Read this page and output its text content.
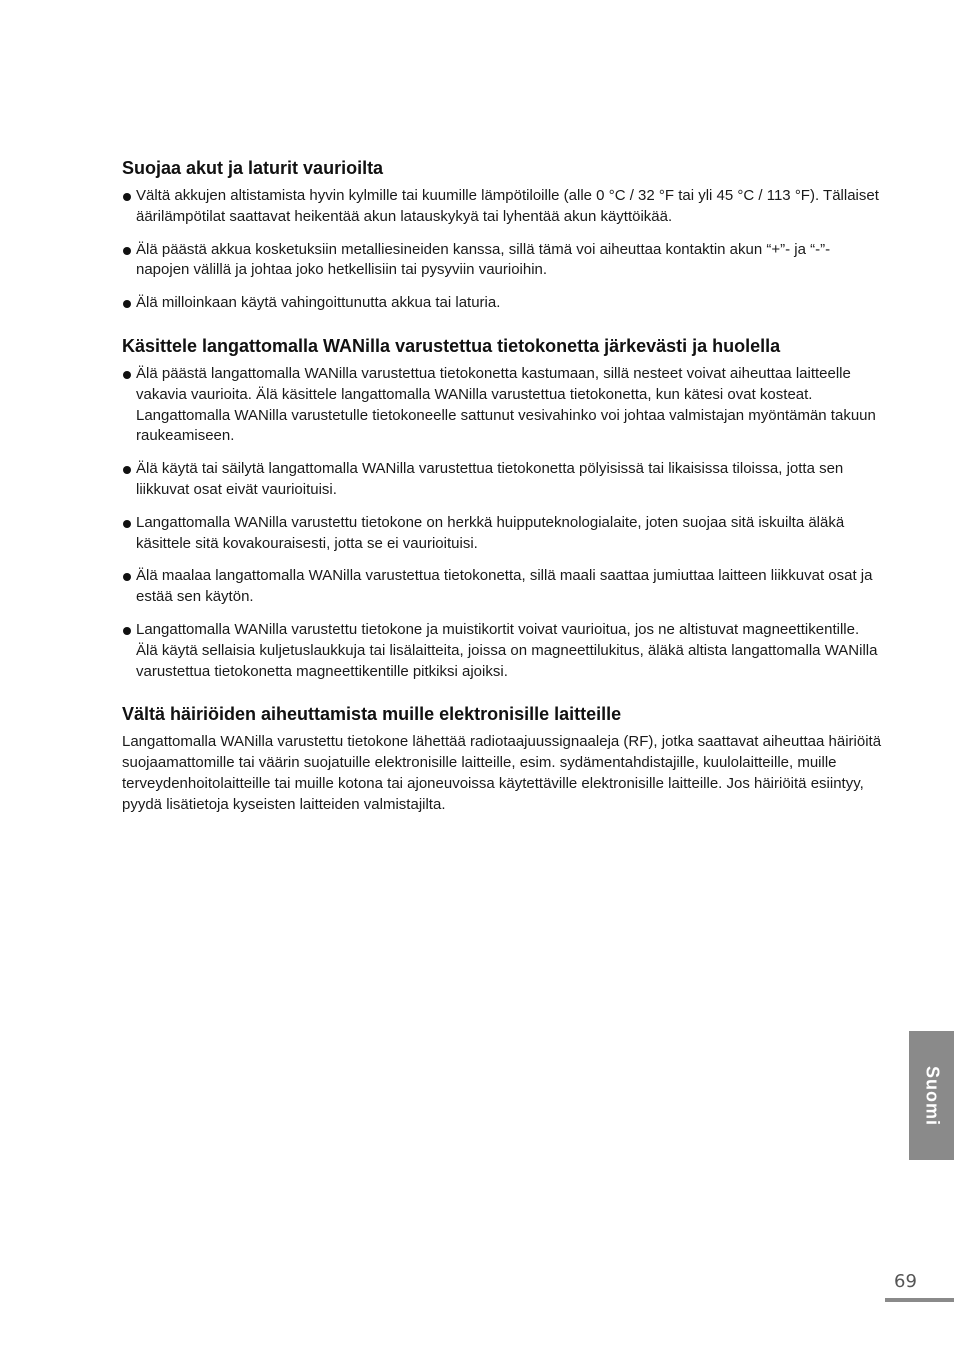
Suojaa akut ja laturit vaurioilta
Vältä akkujen altistamista hyvin kylmille tai kuumille lämpötiloille (alle 0 °C / 32 °F tai yli 45 °C / 113 °F). Tällaiset äärilämpötilat saattavat heikentää akun latauskykyä tai lyhentää akun käyttöikää.
Älä päästä akkua kosketuksiin metalliesineiden kanssa, sillä tämä voi aiheuttaa kontaktin akun “+”- ja “-”-napojen välillä ja johtaa joko hetkellisiin tai pysyviin vaurioihin.
Älä milloinkaan käytä vahingoittunutta akkua tai laturia.
Käsittele langattomalla WANilla varustettua tietokonetta järkevästi ja huolella
Älä päästä langattomalla WANilla varustettua tietokonetta kastumaan, sillä nesteet voivat aiheuttaa laitteelle vakavia vaurioita. Älä käsittele langattomalla WANilla varustettua tietokonetta, kun kätesi ovat kosteat. Langattomalla WANilla varustetulle tietokoneelle sattunut vesivahinko voi johtaa valmistajan myöntämän takuun raukeamiseen.
Älä käytä tai säilytä langattomalla WANilla varustettua tietokonetta pölyisissä tai likaisissa tiloissa, jotta sen liikkuvat osat eivät vaurioituisi.
Langattomalla WANilla varustettu tietokone on herkkä huipputeknologialaite, joten suojaa sitä iskuilta äläkä käsittele sitä kovakouraisesti, jotta se ei vaurioituisi.
Älä maalaa langattomalla WANilla varustettua tietokonetta, sillä maali saattaa jumiuttaa laitteen liikkuvat osat ja estää sen käytön.
Langattomalla WANilla varustettu tietokone ja muistikortit voivat vaurioitua, jos ne altistuvat magneettikentille. Älä käytä sellaisia kuljetuslaukkuja tai lisälaitteita, joissa on magneettilukitus, äläkä altista langattomalla WANilla varustettua tietokonetta magneettikentille pitkiksi ajoiksi.
Vältä häiriöiden aiheuttamista muille elektronisille laitteille

Langattomalla WANilla varustettu tietokone lähettää radiotaajuussignaaleja (RF), jotka saattavat aiheuttaa häiriöitä suojaamattomille tai väärin suojatuille elektronisille laitteille, esim. sydämentahdistajille, kuulolaitteille, muille terveydenhoitolaitteille tai muille kotona tai ajoneuvoissa käytettäville elektronisille laitteille. Jos häiriöitä esiintyy, pyydä lisätietoja kyseisten laitteiden valmistajilta.

Suomi
69
